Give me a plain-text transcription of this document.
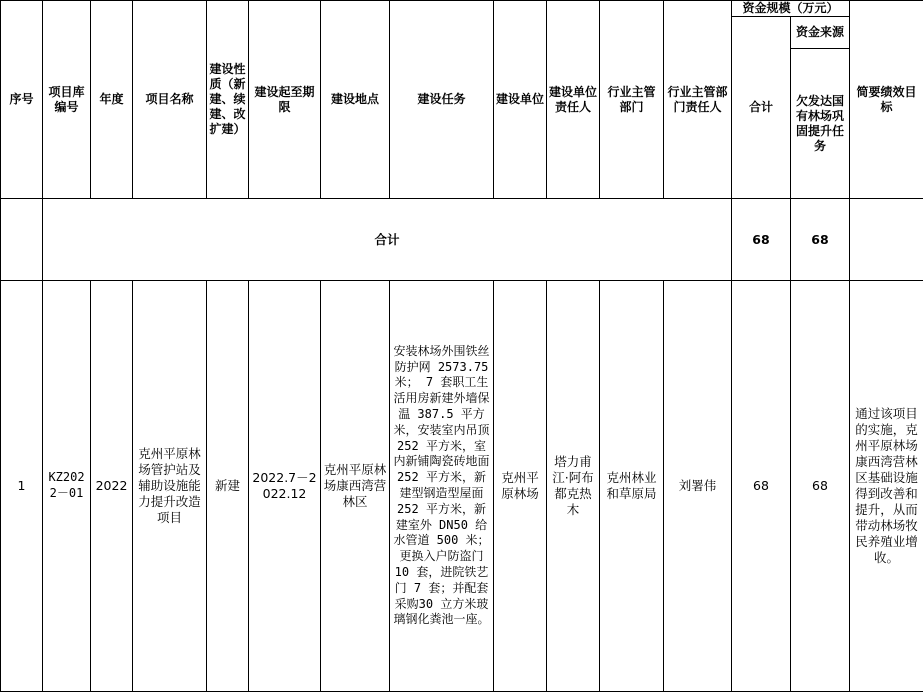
序号	项目库编号	年度	项目名称	建设性质（新建、续建、改扩建）	建设起至期限	建设地点	建设任务	建设单位	建设单位责任人	行业主管部门	行业主管部门责任人	资金规模（万元）		简要绩效目标
												合计	资金来源	
													欠发达国有林场巩固提升任务	
	合计											68	68	
1	KZ2022－01	2022	克州平原林场管护站及辅助设施能力提升改造项目	新建	2022.7－2022.12	克州平原林场康西湾营林区	安装林场外围铁丝防护网 2573.75 米； 7 套职工生活用房新建外墙保温 387.5 平方米，安装室内吊顶 252 平方米，室内新铺陶瓷砖地面 252 平方米，新建型钢造型屋面 252 平方米，新建室外 DN50 给水管道 500 米；更换入户防盗门 10 套，进院铁艺门 7 套；并配套采购30 立方米玻璃钢化粪池一座。	克州平原林场	塔力甫江·阿布都克热木	克州林业和草原局	刘署伟	68	68	通过该项目的实施，克州平原林场康西湾营林区基础设施得到改善和提升，从而带动林场牧民养殖业增收。
